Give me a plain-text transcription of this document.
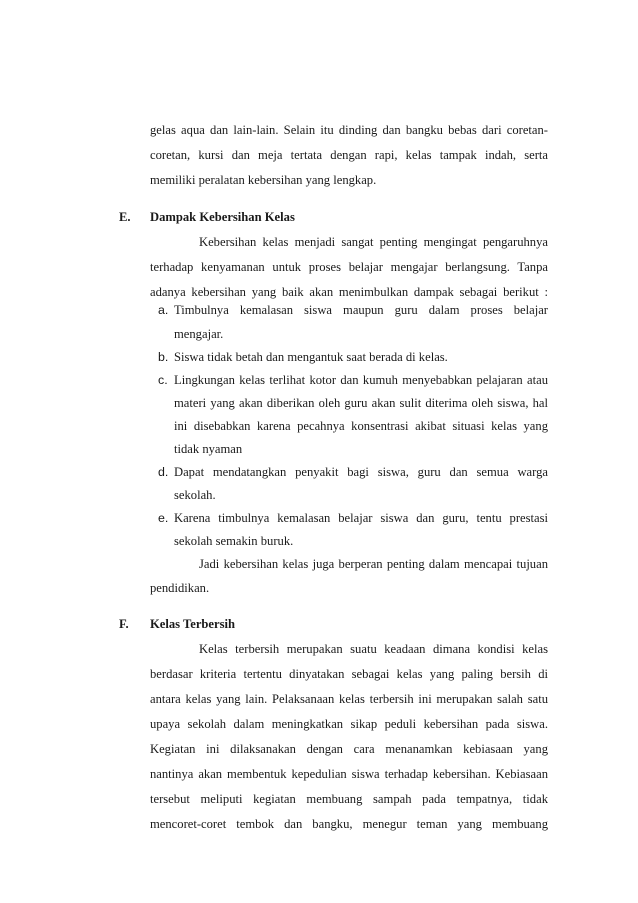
gelas aqua dan lain-lain. Selain itu dinding dan bangku bebas dari coretan-
coretan, kursi dan meja tertata dengan rapi, kelas tampak indah, serta
memiliki peralatan kebersihan yang lengkap.
E. Dampak Kebersihan Kelas
Kebersihan kelas menjadi sangat penting mengingat pengaruhnya
terhadap kenyamanan untuk proses belajar mengajar berlangsung. Tanpa
adanya kebersihan yang baik akan menimbulkan dampak sebagai berikut :
a. Timbulnya kemalasan siswa maupun guru dalam proses belajar
mengajar.
b. Siswa tidak betah dan mengantuk saat berada di kelas.
c. Lingkungan kelas terlihat kotor dan kumuh menyebabkan pelajaran atau
materi yang akan diberikan oleh guru akan sulit diterima oleh siswa, hal
ini disebabkan karena pecahnya konsentrasi akibat situasi kelas yang
tidak nyaman
d. Dapat mendatangkan penyakit bagi siswa, guru dan semua warga
sekolah.
e. Karena timbulnya kemalasan belajar siswa dan guru, tentu prestasi
sekolah semakin buruk.
Jadi kebersihan kelas juga berperan penting dalam mencapai tujuan
pendidikan.
F. Kelas Terbersih
Kelas terbersih merupakan suatu keadaan dimana kondisi kelas
berdasar kriteria tertentu dinyatakan sebagai kelas yang paling bersih di
antara kelas yang lain. Pelaksanaan kelas terbersih ini merupakan salah satu
upaya sekolah dalam meningkatkan sikap peduli kebersihan pada siswa.
Kegiatan ini dilaksanakan dengan cara menanamkan kebiasaan yang
nantinya akan membentuk kepedulian siswa terhadap kebersihan. Kebiasaan
tersebut meliputi kegiatan membuang sampah pada tempatnya, tidak
mencoret-coret tembok dan bangku, menegur teman yang membuang
